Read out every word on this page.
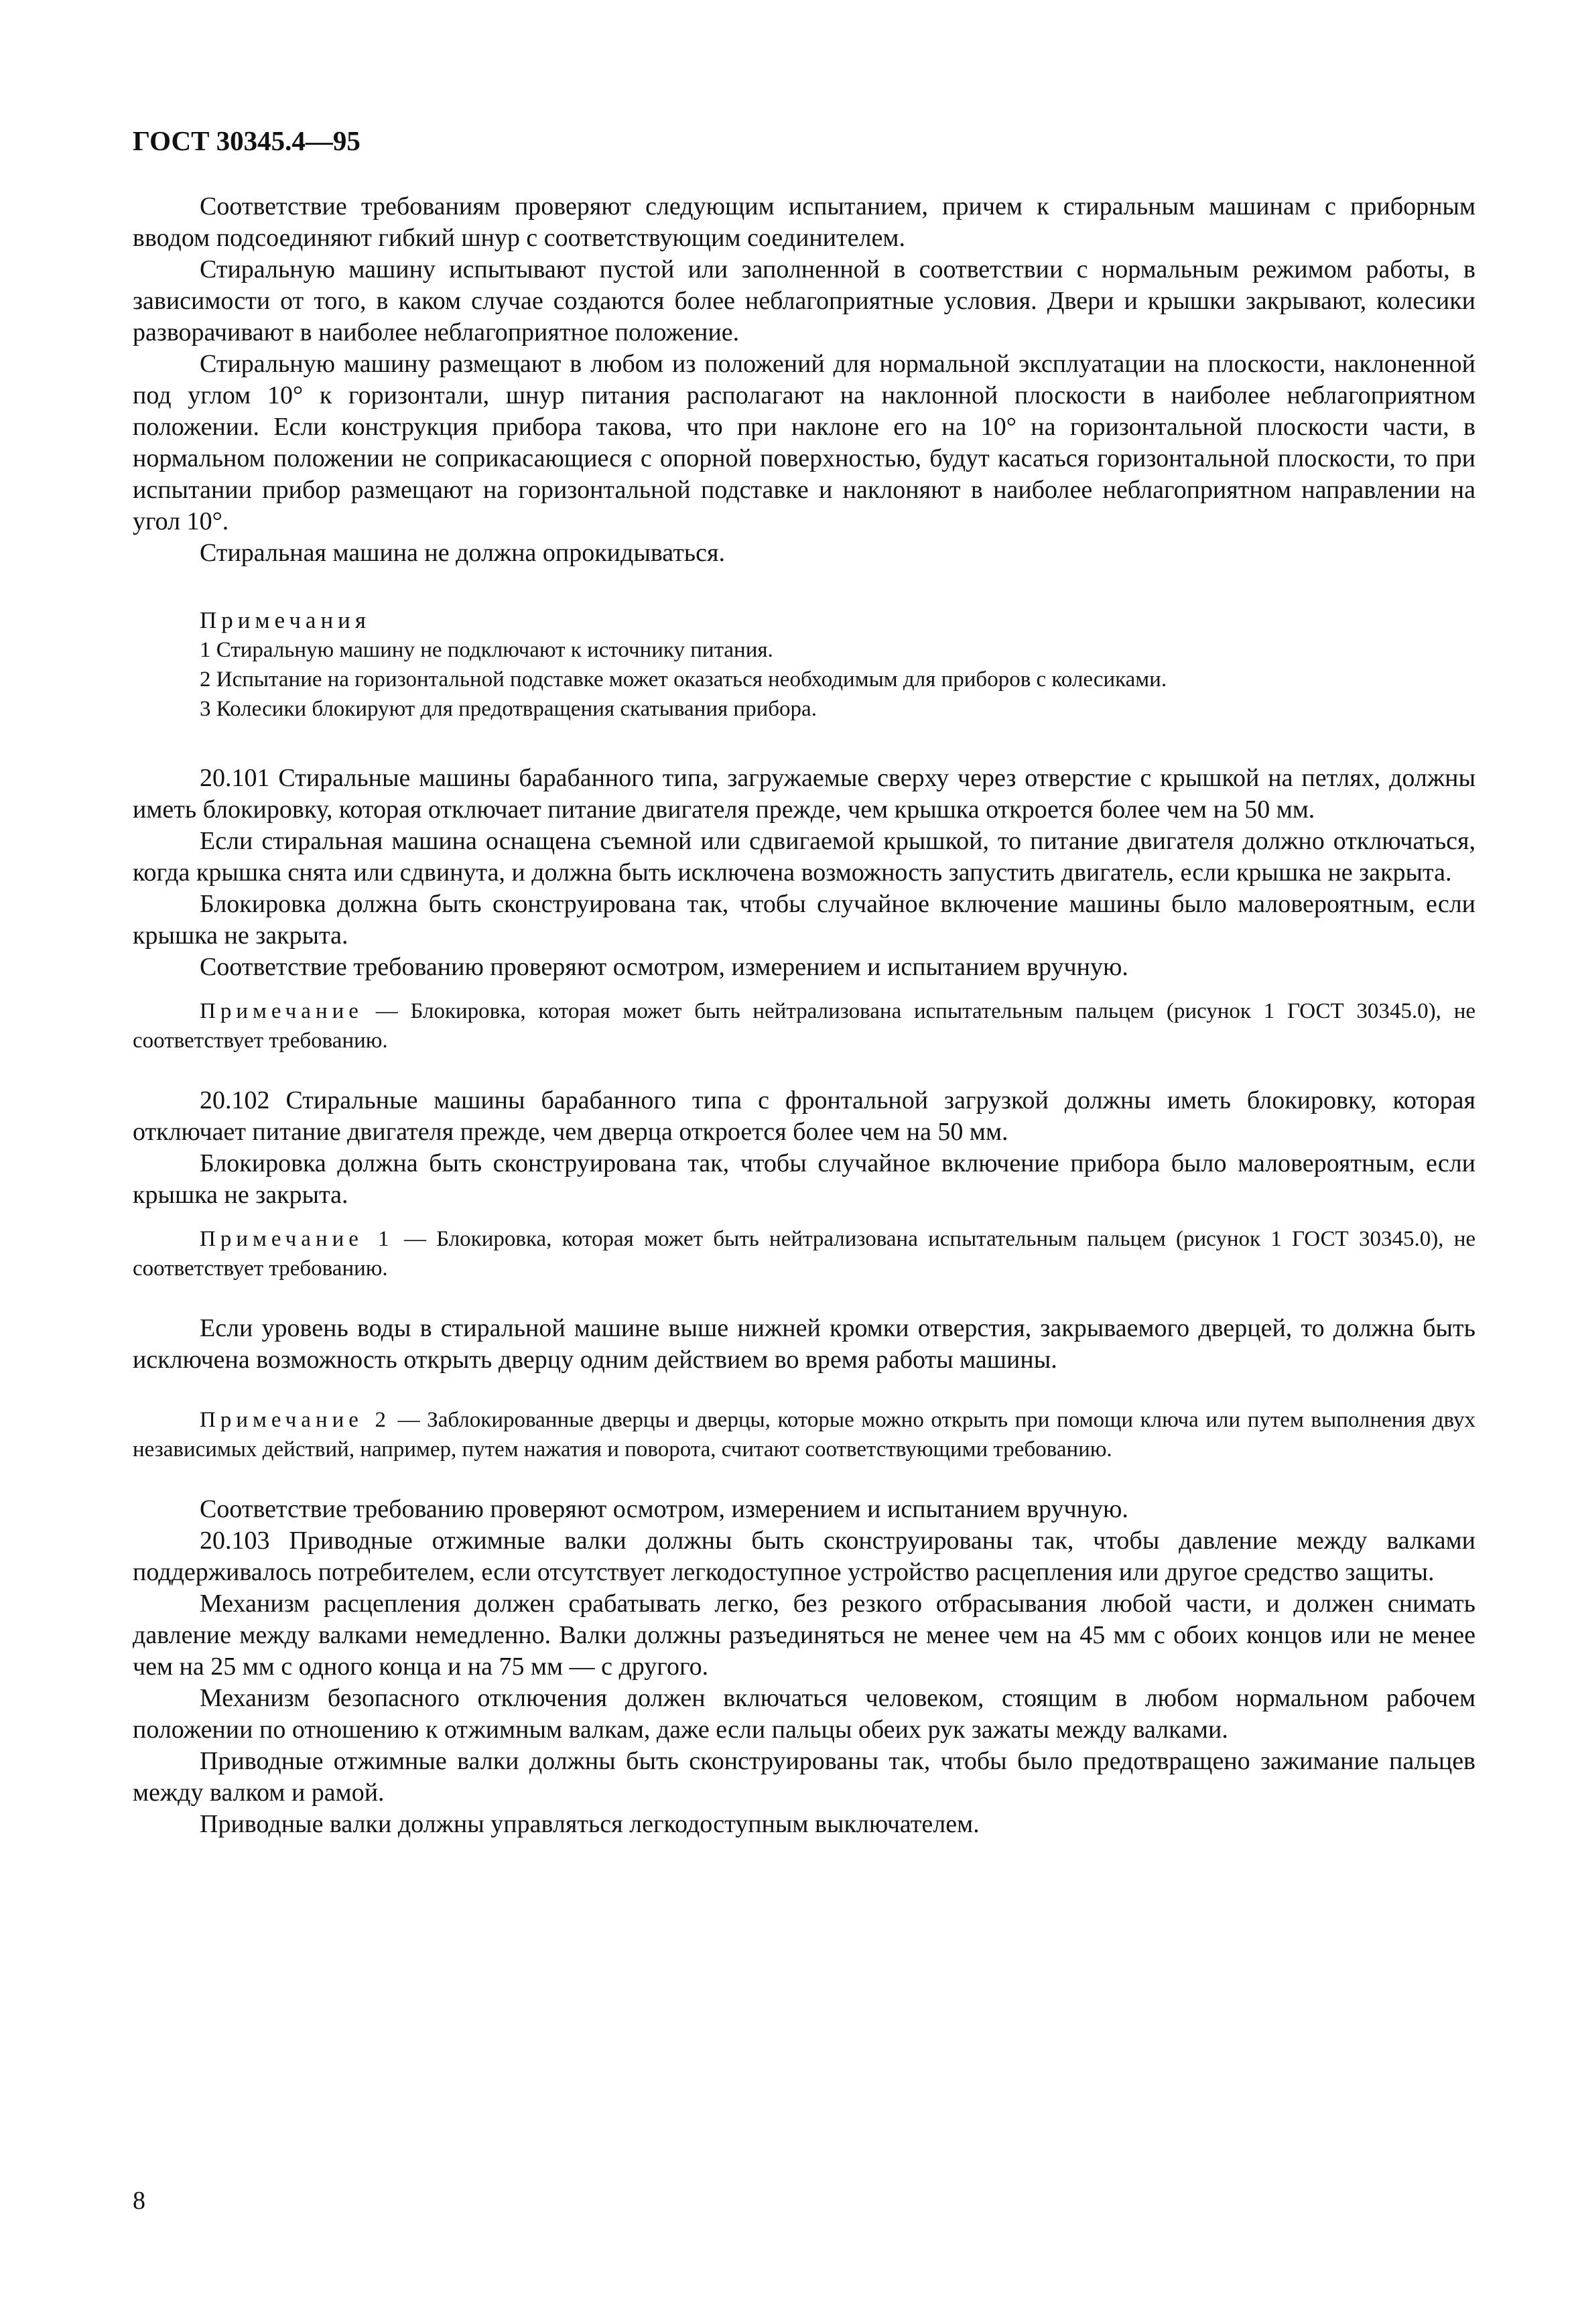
ГОСТ 30345.4—95

Соответствие требованиям проверяют следующим испытанием, причем к стиральным машинам с приборным вводом подсоединяют гибкий шнур с соответствующим соединителем.

Стиральную машину испытывают пустой или заполненной в соответствии с нормальным режимом работы, в зависимости от того, в каком случае создаются более неблагоприятные условия. Двери и крышки закрывают, колесики разворачивают в наиболее неблагоприятное положение.

Стиральную машину размещают в любом из положений для нормальной эксплуатации на плоскости, наклоненной под углом 10° к горизонтали, шнур питания располагают на наклонной плоскости в наиболее неблагоприятном положении. Если конструкция прибора такова, что при наклоне его на 10° на горизонтальной плоскости части, в нормальном положении не соприкасающиеся с опорной поверхностью, будут касаться горизонтальной плоскости, то при испытании прибор размещают на горизонтальной подставке и наклоняют в наиболее неблагоприятном направлении на угол 10°.

Стиральная машина не должна опрокидываться.

Примечания
1 Стиральную машину не подключают к источнику питания.
2 Испытание на горизонтальной подставке может оказаться необходимым для приборов с колесиками.
3 Колесики блокируют для предотвращения скатывания прибора.

20.101 Стиральные машины барабанного типа, загружаемые сверху через отверстие с крышкой на петлях, должны иметь блокировку, которая отключает питание двигателя прежде, чем крышка откроется более чем на 50 мм.

Если стиральная машина оснащена съемной или сдвигаемой крышкой, то питание двигателя должно отключаться, когда крышка снята или сдвинута, и должна быть исключена возможность запустить двигатель, если крышка не закрыта.

Блокировка должна быть сконструирована так, чтобы случайное включение машины было маловероятным, если крышка не закрыта.

Соответствие требованию проверяют осмотром, измерением и испытанием вручную.

Примечание — Блокировка, которая может быть нейтрализована испытательным пальцем (рисунок 1 ГОСТ 30345.0), не соответствует требованию.

20.102 Стиральные машины барабанного типа с фронтальной загрузкой должны иметь блокировку, которая отключает питание двигателя прежде, чем дверца откроется более чем на 50 мм.

Блокировка должна быть сконструирована так, чтобы случайное включение прибора было маловероятным, если крышка не закрыта.

Примечание 1 — Блокировка, которая может быть нейтрализована испытательным пальцем (рисунок 1 ГОСТ 30345.0), не соответствует требованию.

Если уровень воды в стиральной машине выше нижней кромки отверстия, закрываемого дверцей, то должна быть исключена возможность открыть дверцу одним действием во время работы машины.

Примечание 2 — Заблокированные дверцы и дверцы, которые можно открыть при помощи ключа или путем выполнения двух независимых действий, например, путем нажатия и поворота, считают соответствующими требованию.

Соответствие требованию проверяют осмотром, измерением и испытанием вручную.

20.103 Приводные отжимные валки должны быть сконструированы так, чтобы давление между валками поддерживалось потребителем, если отсутствует легкодоступное устройство расцепления или другое средство защиты.

Механизм расцепления должен срабатывать легко, без резкого отбрасывания любой части, и должен снимать давление между валками немедленно. Валки должны разъединяться не менее чем на 45 мм с обоих концов или не менее чем на 25 мм с одного конца и на 75 мм — с другого.

Механизм безопасного отключения должен включаться человеком, стоящим в любом нормальном рабочем положении по отношению к отжимным валкам, даже если пальцы обеих рук зажаты между валками.

Приводные отжимные валки должны быть сконструированы так, чтобы было предотвращено зажимание пальцев между валком и рамой.

Приводные валки должны управляться легкодоступным выключателем.

8
